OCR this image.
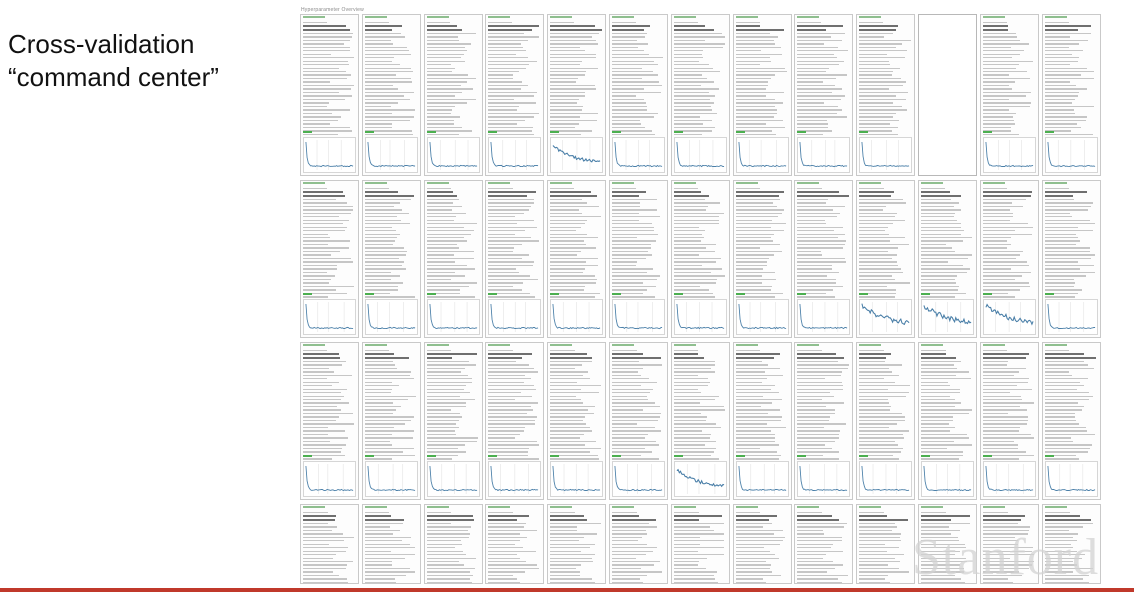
Cross-validation
“command center”
Hyperparameter Overview
Stanford
